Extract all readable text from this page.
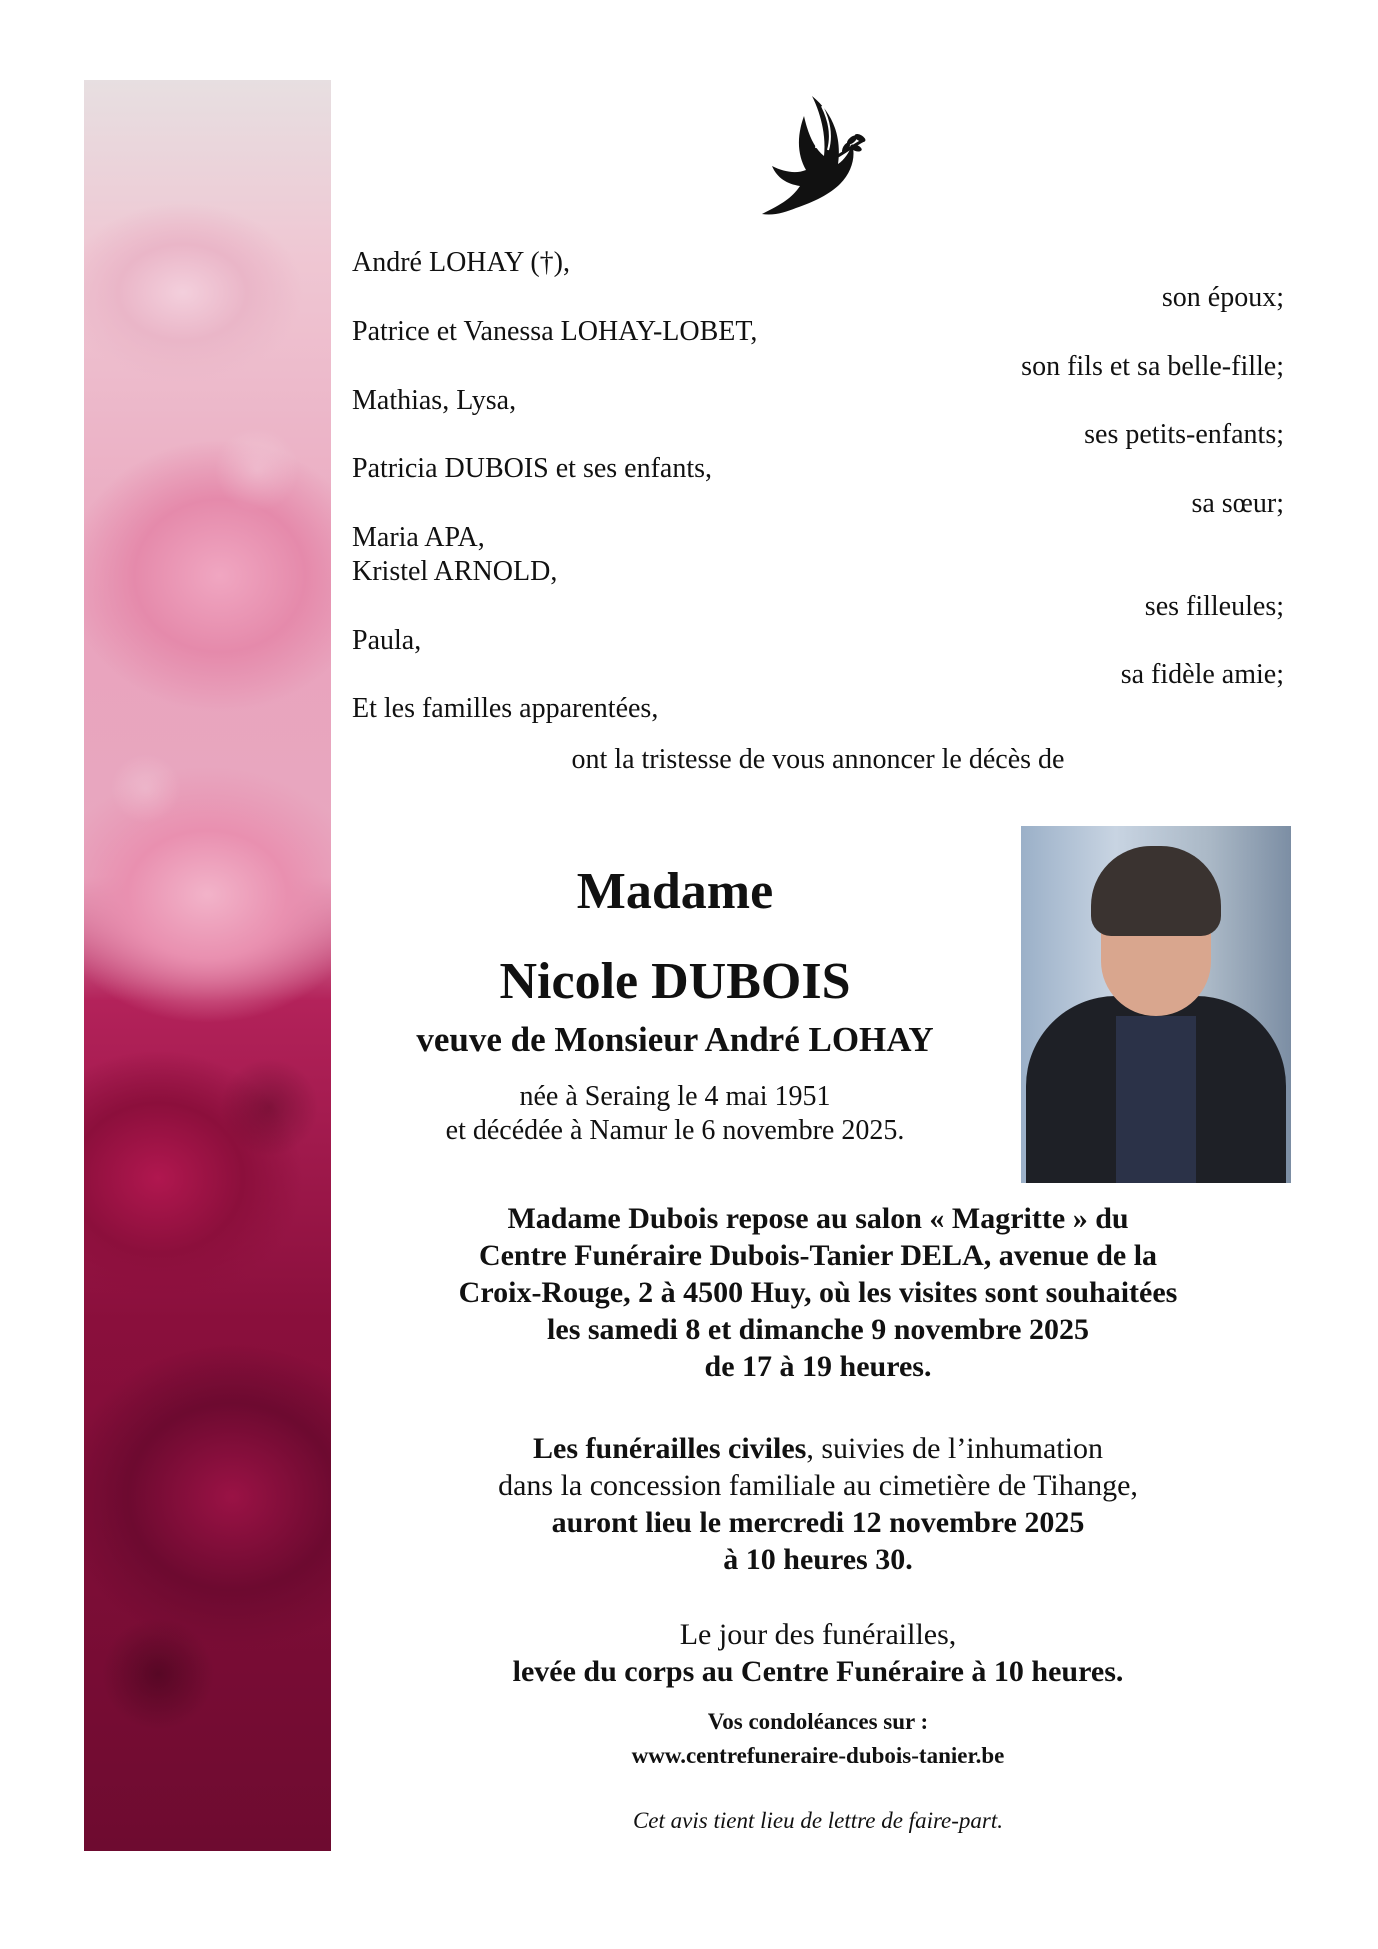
André LOHAY (†),
son époux;
Patrice et Vanessa LOHAY-LOBET,
son fils et sa belle-fille;
Mathias, Lysa,
ses petits-enfants;
Patricia DUBOIS et ses enfants,
sa sœur;
Maria APA,
Kristel ARNOLD,
ses filleules;
Paula,
sa fidèle amie;
Et les familles apparentées,
ont la tristesse de vous annoncer le décès de
Madame
Nicole DUBOIS
veuve de Monsieur André LOHAY
née à Seraing le 4 mai 1951
et décédée à Namur le 6 novembre 2025.
Madame Dubois repose au salon « Magritte » du
Centre Funéraire Dubois-Tanier DELA, avenue de la
Croix-Rouge, 2 à 4500 Huy, où les visites sont souhaitées
les samedi 8 et dimanche 9 novembre 2025
de 17 à 19 heures.
Les funérailles civiles, suivies de l’inhumation
dans la concession familiale au cimetière de Tihange,
auront lieu le mercredi 12 novembre 2025
à 10 heures 30.
Le jour des funérailles,
levée du corps au Centre Funéraire à 10 heures.
Vos condoléances sur :
www.centrefuneraire-dubois-tanier.be
Cet avis tient lieu de lettre de faire-part.
